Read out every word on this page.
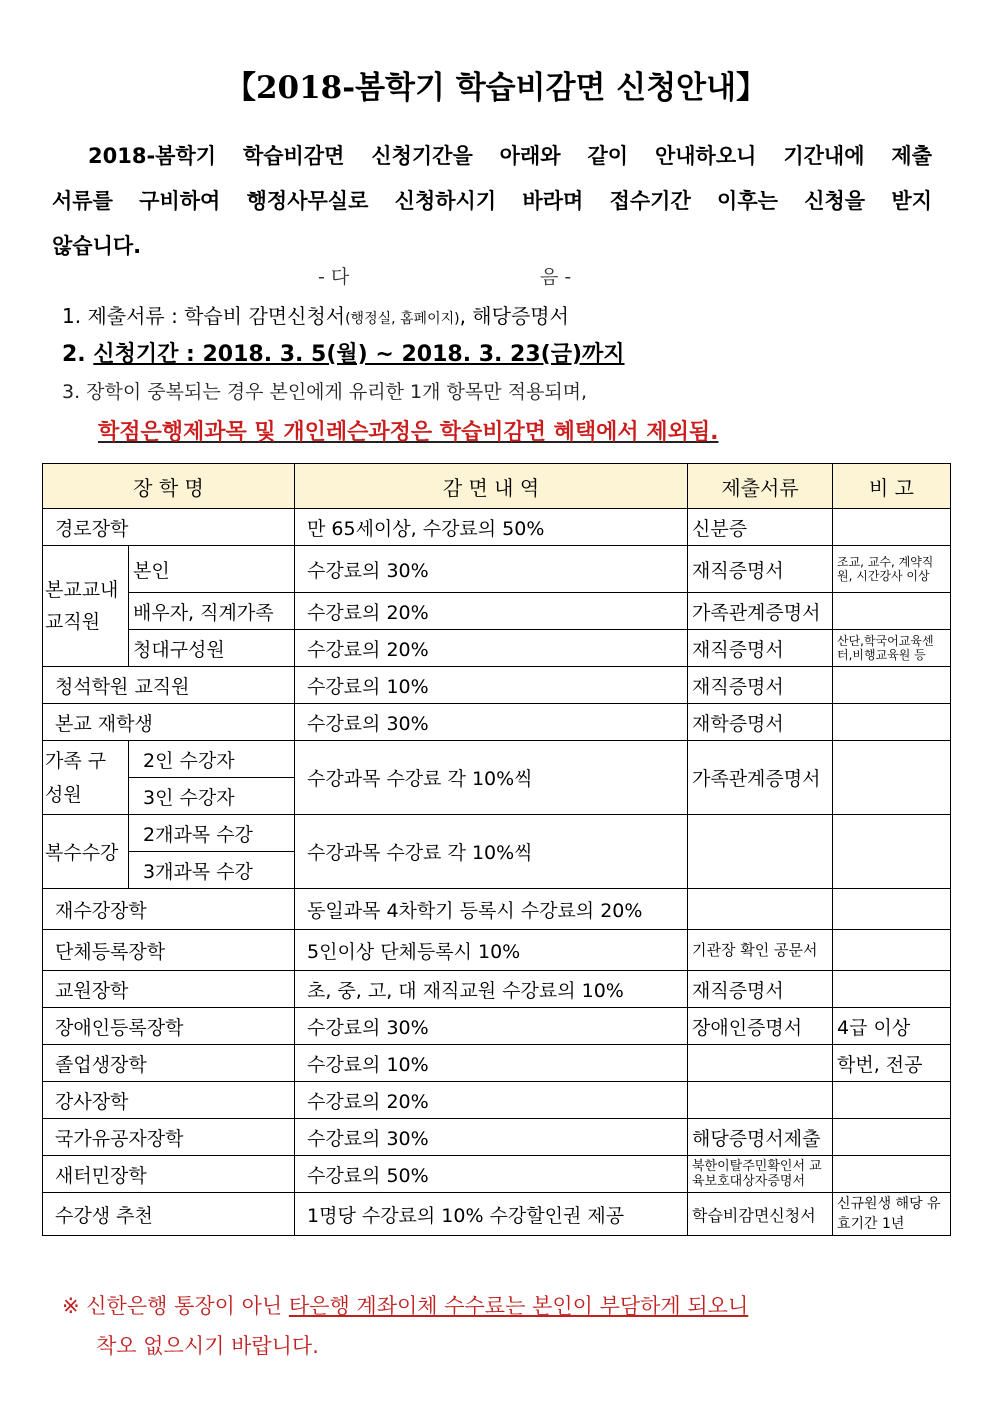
【2018-봄학기 학습비감면 신청안내】
2018-봄학기 학습비감면 신청기간을 아래와 같이 안내하오니 기간내에 제출
서류를 구비하여 행정사무실로 신청하시기 바라며 접수기간 이후는 신청을 받지
않습니다.
- 다	음 -
1. 제출서류 : 학습비 감면신청서(행정실, 홈페이지), 해당증명서
2. 신청기간 : 2018. 3. 5(월) ~ 2018. 3. 23(금)까지
3. 장학이 중복되는 경우 본인에게 유리한 1개 항목만 적용되며,
학점은행제과목 및 개인레슨과정은 학습비감면 혜택에서 제외됨.
장 학 명		감 면 내 역	제출서류	비 고
경로장학		만 65세이상, 수강료의 50%	신분증	
본교교내 교직원	본인	수강료의 30%	재직증명서	조교, 교수, 계약직원, 시간강사 이상
	배우자, 직계가족	수강료의 20%	가족관계증명서	
	청대구성원	수강료의 20%	재직증명서	산단,학국어교육센터,비행교육원 등
청석학원 교직원		수강료의 10%	재직증명서	
본교 재학생		수강료의 30%	재학증명서	
가족 구성원	2인 수강자	수강과목 수강료 각 10%씩	가족관계증명서	
	3인 수강자			
복수수강	2개과목 수강	수강과목 수강료 각 10%씩		
	3개과목 수강			
재수강장학		동일과목 4차학기 등록시 수강료의 20%		
단체등록장학		5인이상 단체등록시 10%	기관장 확인 공문서	
교원장학		초, 중, 고, 대 재직교원 수강료의 10%	재직증명서	
장애인등록장학		수강료의 30%	장애인증명서	4급 이상
졸업생장학		수강료의 10%		학번, 전공
강사장학		수강료의 20%		
국가유공자장학		수강료의 30%	해당증명서제출	
새터민장학		수강료의 50%	북한이탈주민확인서 교육보호대상자증명서	
수강생 추천		1명당 수강료의 10% 수강할인권 제공	학습비감면신청서	신규원생 해당 유효기간 1년
※ 신한은행 통장이 아닌 타은행 계좌이체 수수료는 본인이 부담하게 되오니
착오 없으시기 바랍니다.
